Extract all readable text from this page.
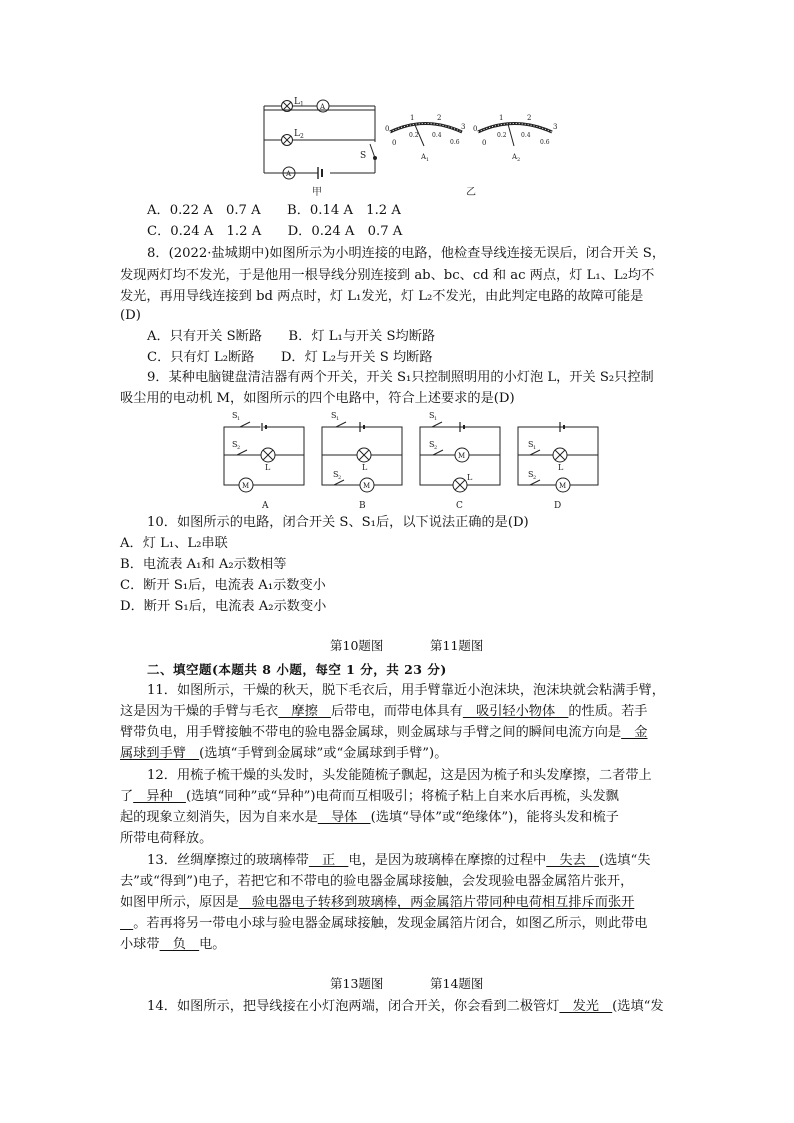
L 1
L 2
A
A
S
甲	乙
0
1	2
3
0
0.2 0.4
0.6
A 1
0
1	2
3
0
0.2 0.4
0.6
A 2
A．0.22 A　0.7 A　　B．0.14 A　1.2 A
C．0.24 A　1.2 A　　D．0.24 A　0.7 A
8．(2022·盐城期中)如图所示为小明连接的电路，他检查导线连接无误后，闭合开关 S，
发现两灯均不发光，于是他用一根导线分别连接到 ab、bc、cd 和 ac 两点，灯 L₁、L₂均不
发光，再用导线连接到 bd 两点时，灯 L₁发光，灯 L₂不发光，由此判定电路的故障可能是
(D)
A．只有开关 S断路　　B．灯 L₁与开关 S均断路
C．只有灯 L₂断路　　D．灯 L₂与开关 S 均断路
9．某种电脑键盘清洁器有两个开关，开关 S₁只控制照明用的小灯泡 L，开关 S₂只控制
吸尘用的电动机 M，如图所示的四个电路中，符合上述要求的是(D)
S 1
S 2
L
M
A
S 1
S 2
L
M
B
S 1
S 2
M
L
C
S 1
S 2
L
M
D
10．如图所示的电路，闭合开关 S、S₁后，以下说法正确的是(D)
A．灯 L₁、L₂串联
B．电流表 A₁和 A₂示数相等
C．断开 S₁后，电流表 A₁示数变小
D．断开 S₁后，电流表 A₂示数变小
第10题图	第11题图
二、填空题(本题共 8 小题，每空 1 分，共 23 分)
11．如图所示，干燥的秋天，脱下毛衣后，用手臂靠近小泡沫块，泡沫块就会粘满手臂，
这是因为干燥的手臂与毛衣　摩擦　后带电，而带电体具有　吸引轻小物体　的性质。若手
臂带负电，用手臂接触不带电的验电器金属球，则金属球与手臂之间的瞬间电流方向是　金
属球到手臂　(选填“手臂到金属球”或“金属球到手臂”)。
12．用梳子梳干燥的头发时，头发能随梳子飘起，这是因为梳子和头发摩擦，二者带上
了　异种　(选填“同种”或“异种”)电荷而互相吸引；将梳子粘上自来水后再梳，头发飘
起的现象立刻消失，因为自来水是　导体　(选填“导体”或“绝缘体”)，能将头发和梳子
所带电荷释放。
13．丝绸摩擦过的玻璃棒带　正　电，是因为玻璃棒在摩擦的过程中　失去　(选填“失
去”或“得到”)电子，若把它和不带电的验电器金属球接触，会发现验电器金属箔片张开，
如图甲所示，原因是　验电器电子转移到玻璃棒，两金属箔片带同种电荷相互排斥而张开
　。若再将另一带电小球与验电器金属球接触，发现金属箔片闭合，如图乙所示，则此带电
小球带　负　电。
第13题图	第14题图
14．如图所示，把导线接在小灯泡两端，闭合开关，你会看到二极管灯　发光　(选填“发
